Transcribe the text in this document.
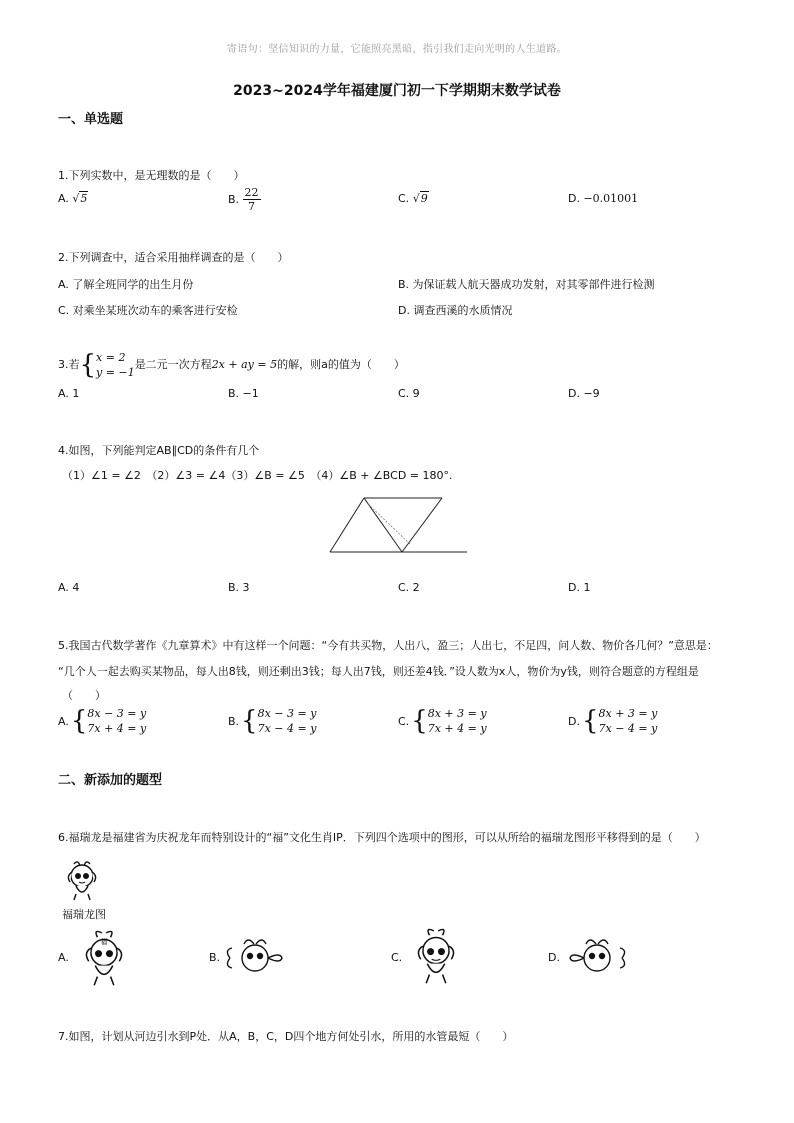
寄语句：坚信知识的力量，它能照亮黑暗，指引我们走向光明的人生道路。
2023~2024学年福建厦门初一下学期期末数学试卷
一、单选题
1.下列实数中，是无理数的是（　　）
A. √5	B. $\frac{22}{7}$	C. √9	D. −0.01001
2.下列调查中，适合采用抽样调查的是（　　）
A. 了解全班同学的出生月份	B. 为保证载人航天器成功发射，对其零部件进行检测
C. 对乘坐某班次动车的乘客进行安检	D. 调查西溪的水质情况
3.若 { x = 2
y = −1
是二元一次方程 2x + ay = 5 的解，则a的值为（　　）
A. 1	B. −1	C. 9	D. −9
4.如图，下列能判定AB∥CD的条件有几个
（1）∠1 = ∠2　（2）∠3 = ∠4（3）∠B = ∠5　（4）∠B + ∠BCD = 180°.
A. 4	B. 3	C. 2	D. 1
5.我国古代数学著作《九章算术》中有这样一个问题：“今有共买物，人出八，盈三；人出七，不足四，问人数、物价各几何？”意思是：
“几个人一起去购买某物品，每人出8钱，则还剩出3钱；每人出7钱，则还差4钱．”设人数为x人，物价为y钱，则符合题意的方程组是
（　　）
A. { 8x − 3 = y
7x + 4 = y
B. { 8x − 3 = y
7x − 4 = y
C. { 8x + 3 = y
7x + 4 = y
D. { 8x + 3 = y
7x − 4 = y
二、新添加的题型
6.福瑞龙是福建省为庆祝龙年而特别设计的“福”文化生肖IP．下列四个选项中的图形，可以从所给的福瑞龙图形平移得到的是（　　）
福瑞龙图
A.
福
B.	C.	D.
7.如图，计划从河边引水到P处．从A，B，C，D四个地方何处引水，所用的水管最短（　　）
